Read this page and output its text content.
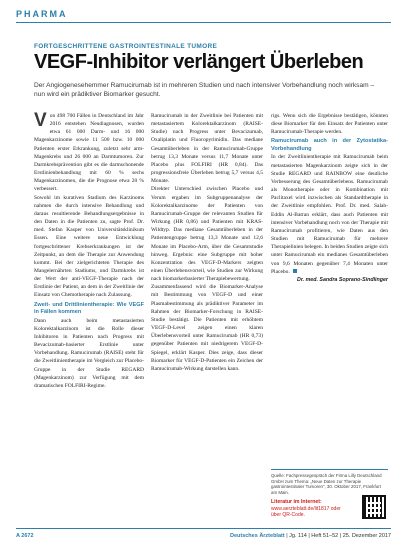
PHARMA
FORTGESCHRITTENE GASTROINTESTINALE TUMORE
VEGF-Inhibitor verlängert Überleben

Der Angiogenesehemmer Ramucirumab ist in mehreren Studien und nach intensiver Vorbehandlung noch wirksam – nun wird ein prädiktiver Biomarker gesucht.

Von 498 700 Fällen in Deutschland im Jahr 2016 entstehen Neudiagnosen, wurden etwa 61 000 Darm- und 16 000 Magenkarzinome sowie 11 500 bzw. 10 000 Patienten erster Erkrankung, zuletzt sehr arm-Magenkrebs und 26 000 an Darmtumoren. Zur Darmkrebsprävention gibt es die darmschonende Erstlinienbehandlung mit 60 % sechs Magenkarzinomen, die die Prognose etwa 20 % verbessert.

Sowohl im kurativen Stadium des Karzinoms nahmen die durch intensive Behandlung und daraus resultierende Behandlungsergebnisse in den Daten in die Patienten zu, sagte Prof. Dr. med. Stefan Kasper von Universitätsklinikum Essen. Eine weitere neue Entwicklung fortgeschrittener Krebserkrankungen ist der Zeitpunkt, an dem die Therapie zur Anwendung kommt. Bei der zielgerichteten Therapie des Mangelernährten Stadiums, und Darmkrebs ist der Wert der anti-VEGF-Therapie nach der Erstlinie der Patient, an dem in der Zweitlinie der Einsatz von Chemotherapie nach Zulassung.

Zweit- und Drittlinientherapie: Wie VEGF in Fällen kommen

Dann auch beim metastasierten Kolorektalkarzinom ist die Rolle dieser Inhibitoren in Patienten nach Progress mit Bevacizumab-basierter Erstlinie unter Vorbehandlung. Ramucirumab (RAISE) steht für die Zweitlinientherapie im Vergleich zur Placebo-Gruppe in der Studie REGARD (Magenkarzinom) zur Verfügung mit dem dramatischen FOLFIRI-Regime.

Ramucirumab in der Zweitlinie bei Patienten mit metastasiertem Kolorektalkarzinom (RAISE-Studie) nach Progress unter Bevacizumab, Oxaliplatin und Fluoropyrimidin. Das mediane Gesamtüberleben in der Ramucirumab-Gruppe betrug 13,3 Monate versus 11,7 Monate unter Placebo plus FOLFIRI (HR 0,84). Das progressionsfreie Überleben betrug 5,7 versus 4,5 Monate.

Direkter Unterschied zwischen Placebo und Verum ergaben im Subgruppenanalyse der Kolorektalkarzinome der Patienten von Ramucirumab-Gruppe der relevanten Studien für Wirkung (HR 0,86) und Patienten mit KRAS-Wildtyp. Das mediane Gesamtüberleben in der Patientengruppe betrug 13,3 Monate und 12,6 Monate im Placebo-Arm, über die Gesamtstudie hinweg. Ergebnis: eine Subgruppe mit hoher Konzentration des VEGF-D-Markers zeigten einen Überlebensvorteil, wie Studien zur Wirkung nach biomarkerbasierter Therapiebewertung.

Zusammenfassend wird die Biomarker-Analyse mit Bestimmung von VEGF-D und einer Plasmabestimmung als prädiktiver Parameter im Rahmen der Biomarker-Forschung in RAISE-Studie bestätigt. Die Patienten mit erhöhtem VEGF-D-Level zeigen einen klaren Überlebensvorteil unter Ramucirumab (HR 0,73) gegenüber Patienten mit niedrigerem VEGF-D-Spiegel, erklärt Kasper. Dies zeige, dass dieser Biomarker für VEGF-D-Patienten ein Zeichen der Ramucirumab-Wirkung darstellen kann.

rigs. Wenn sich die Ergebnisse bestätigen, könnten diese Biomarker für den Einsatz der Patienten unter Ramucirumab-Therapie werden.

Ramucirumab auch in der Zytostatika-Vorbehandlung

In der Zweitlinientherapie mit Ramucirumab beim metastasierten Magenkarzinom zeigte sich in der Studie REGARD und RAINBOW eine deutliche Verbesserung des Gesamtüberlebens. Ramucirumab als Monotherapie oder in Kombination mit Paclitaxel wird inzwischen als Standardtherapie in der Zweitlinie empfohlen. Prof. Dr. med. Salah-Eddin Al-Batran erklärt, dass auch Patienten mit intensiver Vorbehandlung noch von der Therapie mit Ramucirumab profitieren, wie Daten aus den Studien mit Ramucirumab für mehrere Therapielinien belegen. In beiden Studien zeigte sich unter Ramucirumab ein medianes Gesamtüberleben von 9,6 Monaten gegenüber 7,4 Monaten unter Placebo.

Dr. med. Sandra Soprano-Sindlinger

Quelle: Fachpressegespräch der Firma Lilly Deutschland GmbH zum Thema: „Neue Daten zur Therapie gastrointestinaler Tumoren“, 30. Oktober 2017, Frankfurt am Main.

Literatur im Internet:

www.aerzteblatt.de/lit1817 oder über QR-Code.

A 2672	Deutsches Ärzteblatt | Jg. 114 | Heft 51–52 | 25. Dezember 2017
